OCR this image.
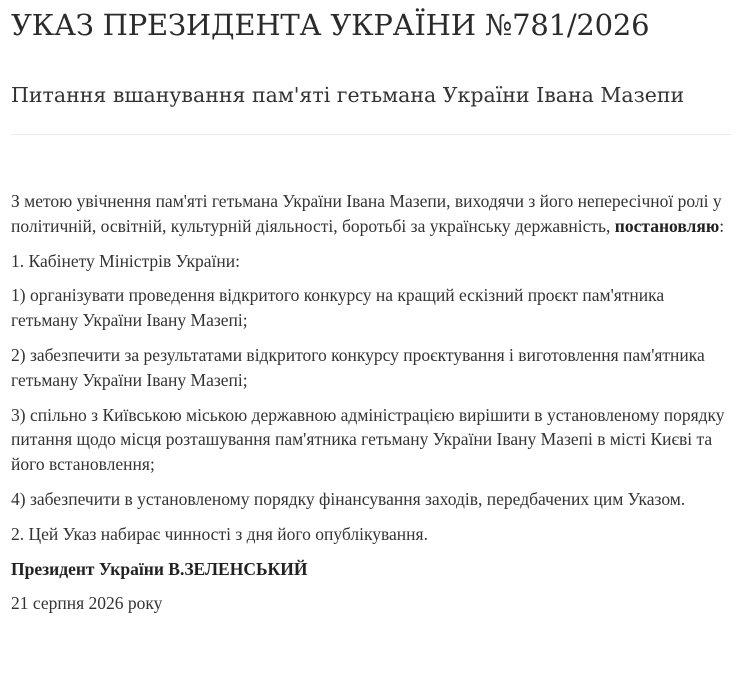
УКАЗ ПРЕЗИДЕНТА УКРАЇНИ №781/2026
Питання вшанування пам'яті гетьмана України Івана Мазепи

З метою увічнення пам'яті гетьмана України Івана Мазепи, виходячи з його непересічної ролі у політичній, освітній, культурній діяльності, боротьбі за українську державність, постановляю:

1. Кабінету Міністрів України:

1) організувати проведення відкритого конкурсу на кращий ескізний проєкт пам'ятника гетьману України Івану Мазепі;

2) забезпечити за результатами відкритого конкурсу проєктування і виготовлення пам'ятника гетьману України Івану Мазепі;

3) спільно з Київською міською державною адміністрацією вирішити в установленому порядку питання щодо місця розташування пам'ятника гетьману України Івану Мазепі в місті Києві та його встановлення;

4) забезпечити в установленому порядку фінансування заходів, передбачених цим Указом.

2. Цей Указ набирає чинності з дня його опублікування.

Президент України В.ЗЕЛЕНСЬКИЙ

21 серпня 2026 року
